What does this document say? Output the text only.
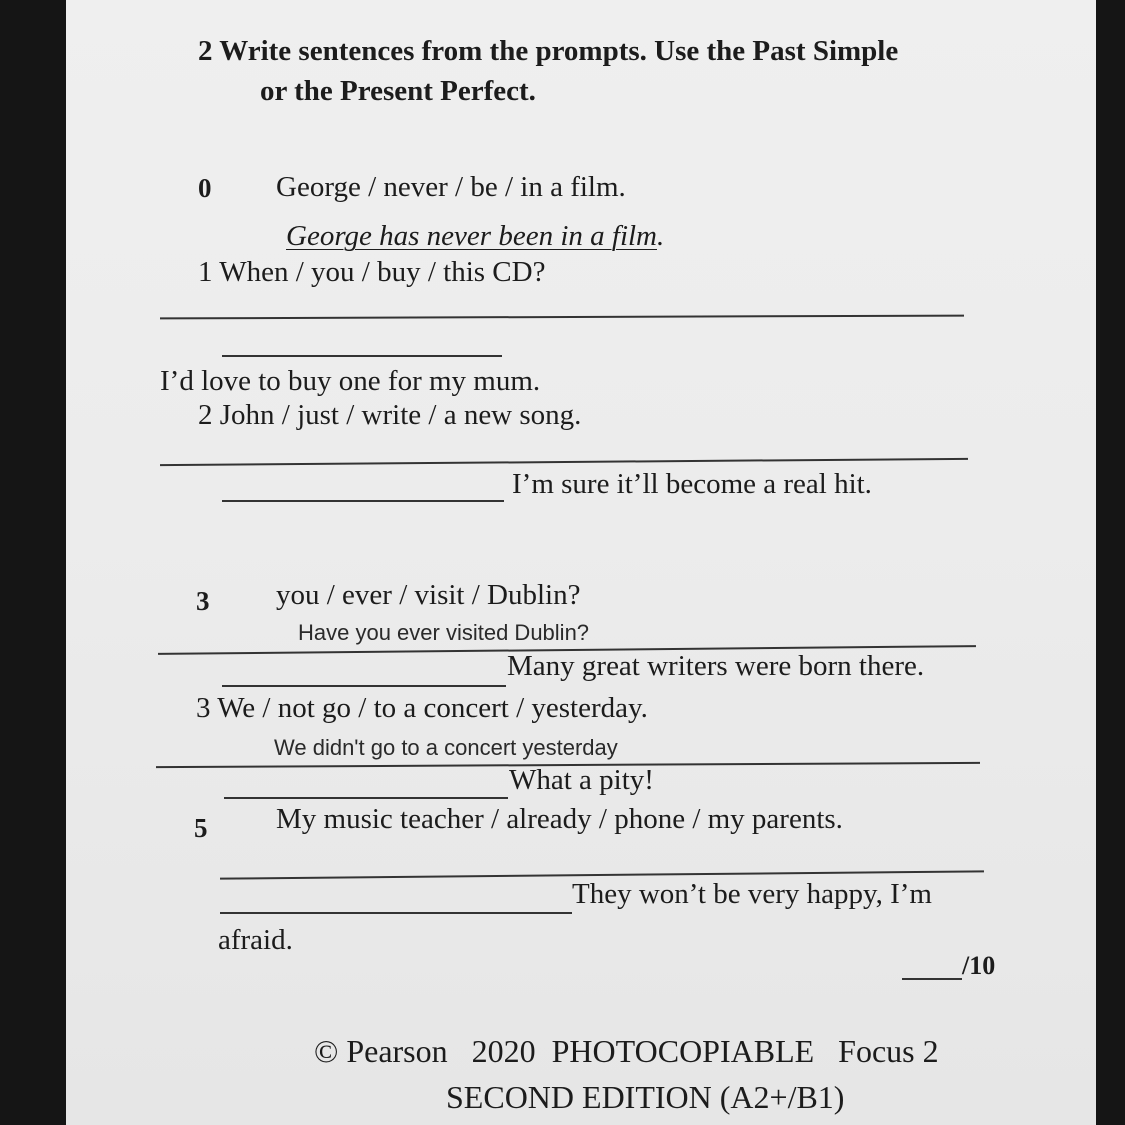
2 Write sentences from the prompts. Use the Past Simple
or the Present Perfect.
0 George / never / be / in a film.
George has never been in a film.
1 When / you / buy / this CD?
I’d love to buy one for my mum.
2 John / just / write / a new song.
I’m sure it’ll become a real hit.
3 you / ever / visit / Dublin?
Have you ever visited Dublin?
Many great writers were born there.
3 We / not go / to a concert / yesterday.
We didn't go to a concert yesterday
What a pity!
5 My music teacher / already / phone / my parents.
They won’t be very happy, I’m
afraid.
/10
© Pearson   2020  PHOTOCOPIABLE   Focus 2
SECOND EDITION (A2+/B1)
